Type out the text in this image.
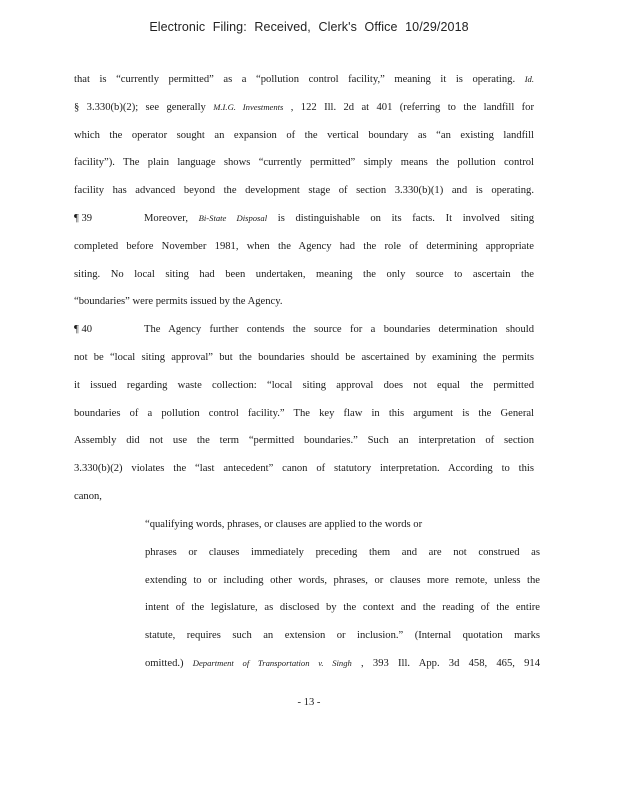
Electronic Filing: Received, Clerk's Office 10/29/2018
that is “currently permitted” as a “pollution control facility,” meaning it is operating. Id.
§ 3.330(b)(2); see generally M.I.G. Investments , 122 Ill. 2d at 401 (referring to the landfill for
which the operator sought an expansion of the vertical boundary as “an existing landfill
facility”). The plain language shows “currently permitted” simply means the pollution control
facility has advanced beyond the development stage of section 3.330(b)(1) and is operating.
¶ 39	Moreover, Bi-State Disposal is distinguishable on its facts. It involved siting
completed before November 1981, when the Agency had the role of determining appropriate
siting. No local siting had been undertaken, meaning the only source to ascertain the
“boundaries” were permits issued by the Agency.
¶ 40	The Agency further contends the source for a boundaries determination should
not be “local siting approval” but the boundaries should be ascertained by examining the permits
it issued regarding waste collection: “local siting approval does not equal the permitted
boundaries of a pollution control facility.” The key flaw in this argument is the General
Assembly did not use the term “permitted boundaries.” Such an interpretation of section
3.330(b)(2) violates the “last antecedent” canon of statutory interpretation. According to this
canon,
“qualifying words, phrases, or clauses are applied to the words or
phrases or clauses immediately preceding them and are not construed as
extending to or including other words, phrases, or clauses more remote, unless the
intent of the legislature, as disclosed by the context and the reading of the entire
statute, requires such an extension or inclusion.” (Internal quotation marks
omitted.) Department of Transportation v. Singh , 393 Ill. App. 3d 458, 465, 914
- 13 -
